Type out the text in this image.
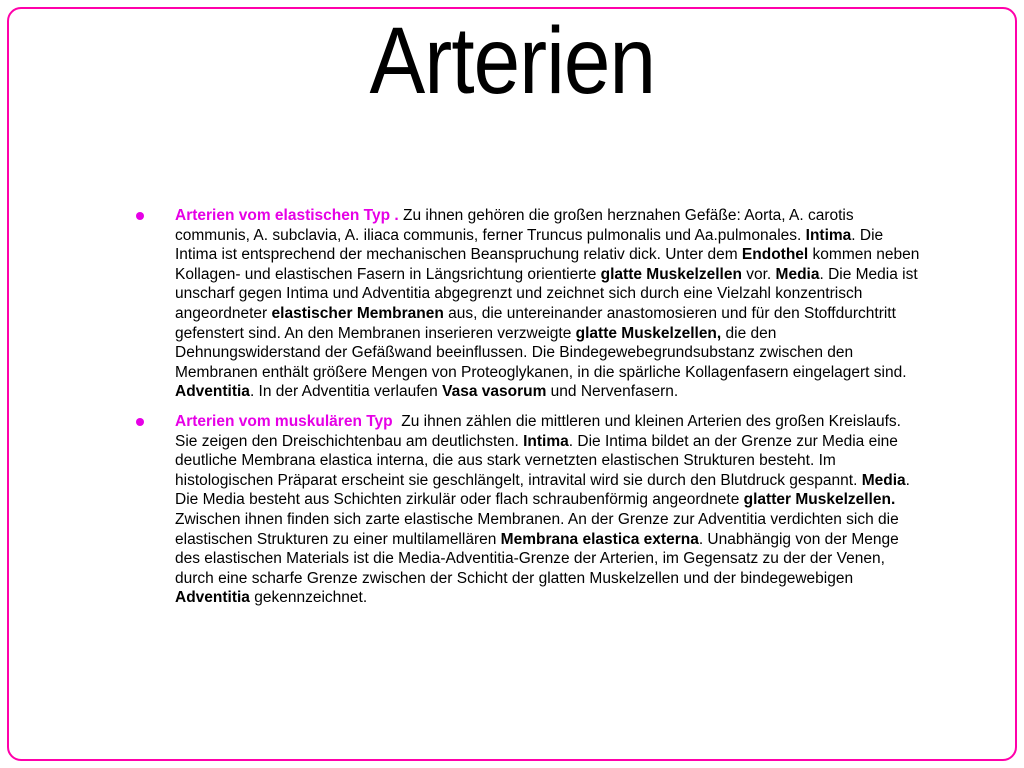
Arterien
Arterien vom elastischen Typ . Zu ihnen gehören die großen herznahen Gefäße: Aorta, A. carotis communis, A. subclavia, A. iliaca communis, ferner Truncus pulmonalis und Aa.pulmonales. Intima. Die Intima ist entsprechend der mechanischen Beanspruchung relativ dick. Unter dem Endothel kommen neben Kollagen- und elastischen Fasern in Längsrichtung orientierte glatte Muskelzellen vor. Media. Die Media ist unscharf gegen Intima und Adventitia abgegrenzt und zeichnet sich durch eine Vielzahl konzentrisch angeordneter elastischer Membranen aus, die untereinander anastomosieren und für den Stoffdurchtritt gefenstert sind. An den Membranen inserieren verzweigte glatte Muskelzellen, die den Dehnungswiderstand der Gefäßwand beeinflussen. Die Bindegewebegrundsubstanz zwischen den Membranen enthält größere Mengen von Proteoglykanen, in die spärliche Kollagenfasern eingelagert sind. Adventitia. In der Adventitia verlaufen Vasa vasorum und Nervenfasern.
Arterien vom muskulären Typ  Zu ihnen zählen die mittleren und kleinen Arterien des großen Kreislaufs. Sie zeigen den Dreischichtenbau am deutlichsten. Intima. Die Intima bildet an der Grenze zur Media eine deutliche Membrana elastica interna, die aus stark vernetzten elastischen Strukturen besteht. Im histologischen Präparat erscheint sie geschlängelt, intravital wird sie durch den Blutdruck gespannt. Media. Die Media besteht aus Schichten zirkulär oder flach schraubenförmig angeordnete glatter Muskelzellen. Zwischen ihnen finden sich zarte elastische Membranen. An der Grenze zur Adventitia verdichten sich die elastischen Strukturen zu einer multilamellären Membrana elastica externa. Unabhängig von der Menge des elastischen Materials ist die Media-Adventitia-Grenze der Arterien, im Gegensatz zu der der Venen, durch eine scharfe Grenze zwischen der Schicht der glatten Muskelzellen und der bindegewebigen Adventitia gekennzeichnet.
